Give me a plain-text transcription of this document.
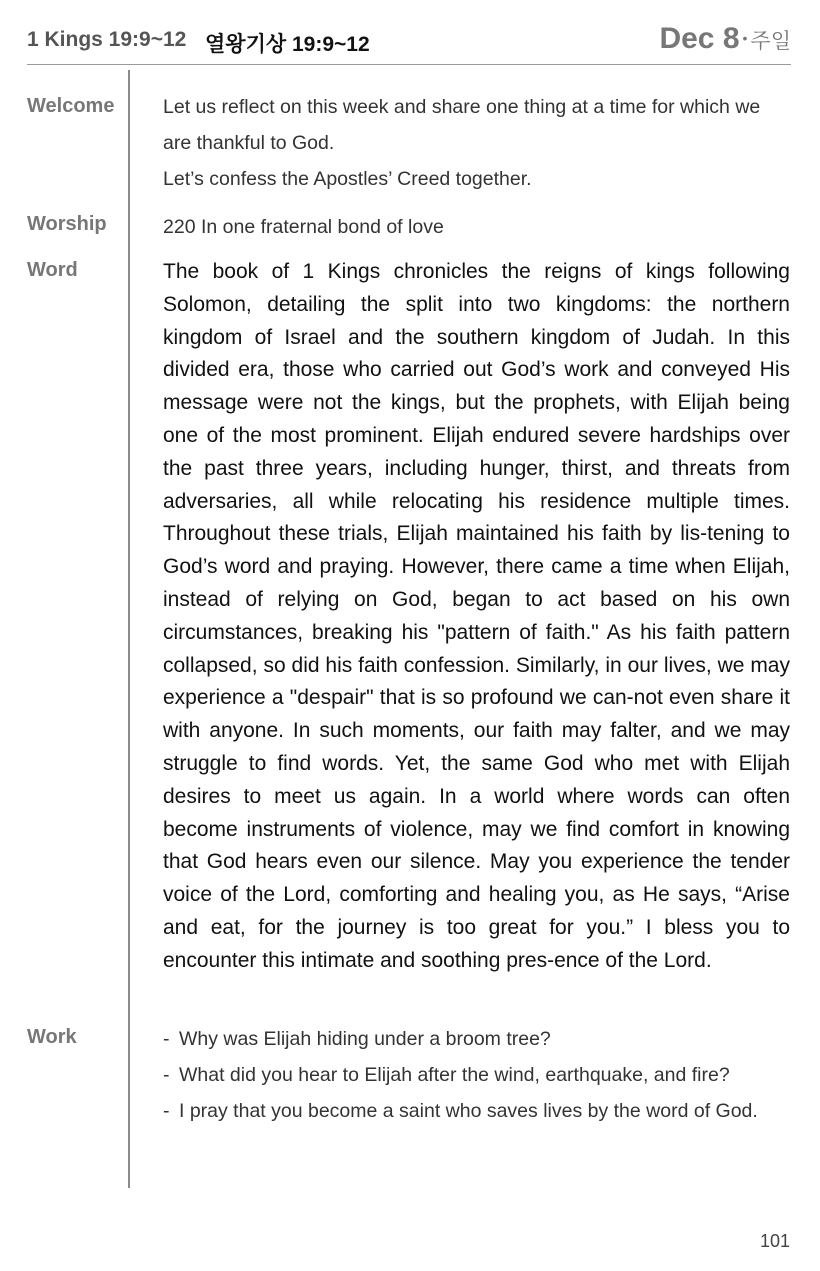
1 Kings 19:9~12 열왕기상 19:9~12	Dec 8 • 주일
Welcome Let us reflect on this week and share one thing at a time for which we are thankful to God.

Let’s confess the Apostles’ Creed together.

Worship	220 In one fraternal bond of love
Word	The book of 1 Kings chronicles the reigns of kings following Solomon, detailing the split into two kingdoms: the northern kingdom of Israel and the southern kingdom of Judah. In this divided era, those who carried out God’s work and conveyed His message were not the kings, but the prophets, with Elijah being one of the most prominent. Elijah endured severe hardships over the past three years, including hunger, thirst, and threats from adversaries, all while relocating his residence multiple times. Throughout these trials, Elijah maintained his faith by lis-tening to God’s word and praying. However, there came a time when Elijah, instead of relying on God, began to act based on his own circumstances, breaking his "pattern of faith." As his faith pattern collapsed, so did his faith confession. Similarly, in our lives, we may experience a "despair" that is so profound we can-not even share it with anyone. In such moments, our faith may falter, and we may struggle to find words. Yet, the same God who met with Elijah desires to meet us again. In a world where words can often become instruments of violence, may we find comfort in knowing that God hears even our silence. May you experience the tender voice of the Lord, comforting and healing you, as He says, “Arise and eat, for the journey is too great for you.” I bless you to encounter this intimate and soothing pres-ence of the Lord.

Work
-	Why was Elijah hiding under a broom tree?
- What did you hear to Elijah after the wind, earthquake, and fire?
- I pray that you become a saint who saves lives by the word of God.
101
